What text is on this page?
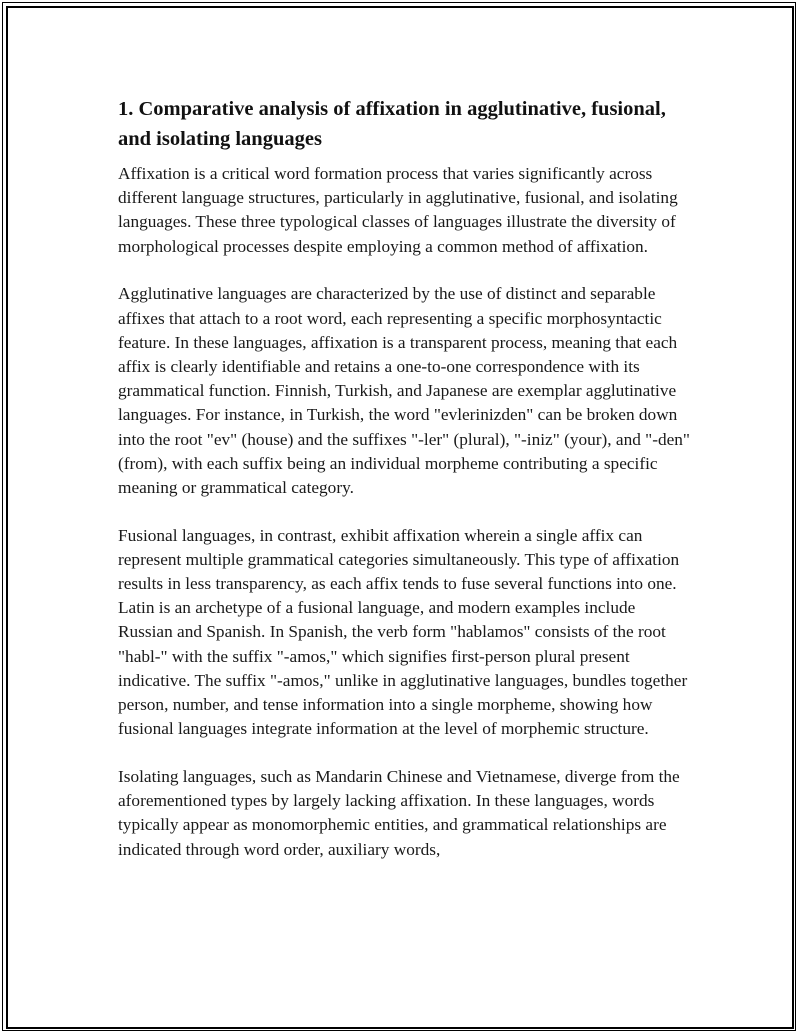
1. Comparative analysis of affixation in agglutinative, fusional, and isolating languages

Affixation is a critical word formation process that varies significantly across different language structures, particularly in agglutinative, fusional, and isolating languages. These three typological classes of languages illustrate the diversity of morphological processes despite employing a common method of affixation.

Agglutinative languages are characterized by the use of distinct and separable affixes that attach to a root word, each representing a specific morphosyntactic feature. In these languages, affixation is a transparent process, meaning that each affix is clearly identifiable and retains a one-to-one correspondence with its grammatical function. Finnish, Turkish, and Japanese are exemplar agglutinative languages. For instance, in Turkish, the word "evlerinizden" can be broken down into the root "ev" (house) and the suffixes "-ler" (plural), "-iniz" (your), and "-den" (from), with each suffix being an individual morpheme contributing a specific meaning or grammatical category.

Fusional languages, in contrast, exhibit affixation wherein a single affix can represent multiple grammatical categories simultaneously. This type of affixation results in less transparency, as each affix tends to fuse several functions into one. Latin is an archetype of a fusional language, and modern examples include Russian and Spanish. In Spanish, the verb form "hablamos" consists of the root "habl-" with the suffix "-amos," which signifies first-person plural present indicative. The suffix "-amos," unlike in agglutinative languages, bundles together person, number, and tense information into a single morpheme, showing how fusional languages integrate information at the level of morphemic structure.

Isolating languages, such as Mandarin Chinese and Vietnamese, diverge from the aforementioned types by largely lacking affixation. In these languages, words typically appear as monomorphemic entities, and grammatical relationships are indicated through word order, auxiliary words,
